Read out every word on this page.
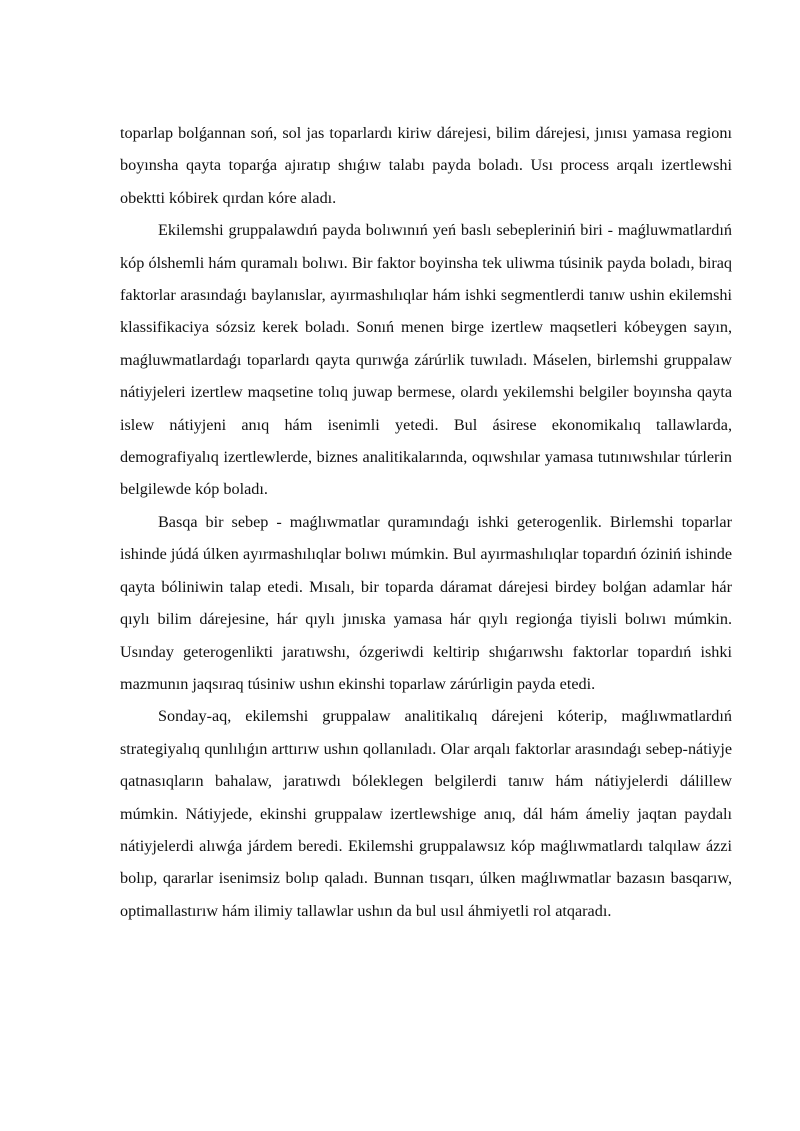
toparlap bolǵannan soń, sol jas toparlardı kiriw dárejesi, bilim dárejesi, jınısı yamasa regionı boyınsha qayta toparǵa ajıratıp shıǵıw talabı payda boladı. Usı process arqalı izertlewshi obektti kóbirek qırdan kóre aladı.

Ekilemshi gruppalawdıń payda bolıwınıń yeń baslı sebepleriniń biri - maǵluwmatlardıń kóp ólshemli hám quramalı bolıwı. Bir faktor boyinsha tek uliwma túsinik payda boladı, biraq faktorlar arasındaǵı baylanıslar, ayırmashılıqlar hám ishki segmentlerdi tanıw ushin ekilemshi klassifikaciya sózsiz kerek boladı. Sonıń menen birge izertlew maqsetleri kóbeygen sayın, maǵluwmatlardaǵı toparlardı qayta qurıwǵa zárúrlik tuwıladı. Máselen, birlemshi gruppalaw nátiyjeleri izertlew maqsetine tolıq juwap bermese, olardı yekilemshi belgiler boyınsha qayta islew nátiyjeni anıq hám isenimli yetedi. Bul ásirese ekonomikalıq tallawlarda, demografiyalıq izertlewlerde, biznes analitikalarında, oqıwshılar yamasa tutınıwshılar túrlerin belgilewde kóp boladı.

Basqa bir sebep - maǵlıwmatlar quramındaǵı ishki geterogenlik. Birlemshi toparlar ishinde júdá úlken ayırmashılıqlar bolıwı múmkin. Bul ayırmashılıqlar topardıń óziniń ishinde qayta bóliniwin talap etedi. Mısalı, bir toparda dáramat dárejesi birdey bolǵan adamlar hár qıylı bilim dárejesine, hár qıylı jınıska yamasa hár qıylı regionǵa tiyisli bolıwı múmkin. Usınday geterogenlikti jaratıwshı, ózgeriwdi keltirip shıǵarıwshı faktorlar topardıń ishki mazmunın jaqsıraq túsiniw ushın ekinshi toparlaw zárúrligin payda etedi.

Sonday-aq, ekilemshi gruppalaw analitikalıq dárejeni kóterip, maǵlıwmatlardıń strategiyalıq qunlılıǵın arttırıw ushın qollanıladı. Olar arqalı faktorlar arasındaǵı sebep-nátiyje qatnasıqların bahalaw, jaratıwdı bóleklegen belgilerdi tanıw hám nátiyjelerdi dálillew múmkin. Nátiyjede, ekinshi gruppalaw izertlewshige anıq, dál hám ámeliy jaqtan paydalı nátiyjelerdi alıwǵa járdem beredi. Ekilemshi gruppalawsız kóp maǵlıwmatlardı talqılaw ázzi bolıp, qararlar isenimsiz bolıp qaladı. Bunnan tısqarı, úlken maǵlıwmatlar bazasın basqarıw, optimallastırıw hám ilimiy tallawlar ushın da bul usıl áhmiyetli rol atqaradı.
